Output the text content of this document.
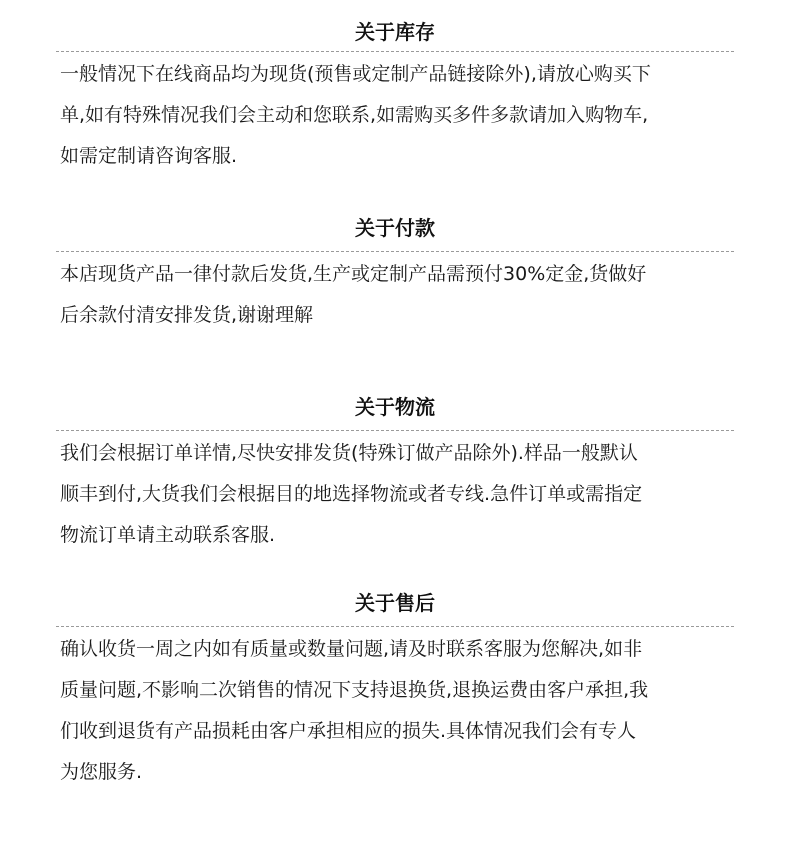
关于库存
一般情况下在线商品均为现货(预售或定制产品链接除外),请放心购买下
单,如有特殊情况我们会主动和您联系,如需购买多件多款请加入购物车,
如需定制请咨询客服.
关于付款
本店现货产品一律付款后发货,生产或定制产品需预付30%定金,货做好
后余款付清安排发货,谢谢理解
关于物流
我们会根据订单详情,尽快安排发货(特殊订做产品除外).样品一般默认
顺丰到付,大货我们会根据目的地选择物流或者专线.急件订单或需指定
物流订单请主动联系客服.
关于售后
确认收货一周之内如有质量或数量问题,请及时联系客服为您解决,如非
质量问题,不影响二次销售的情况下支持退换货,退换运费由客户承担,我
们收到退货有产品损耗由客户承担相应的损失.具体情况我们会有专人
为您服务.
